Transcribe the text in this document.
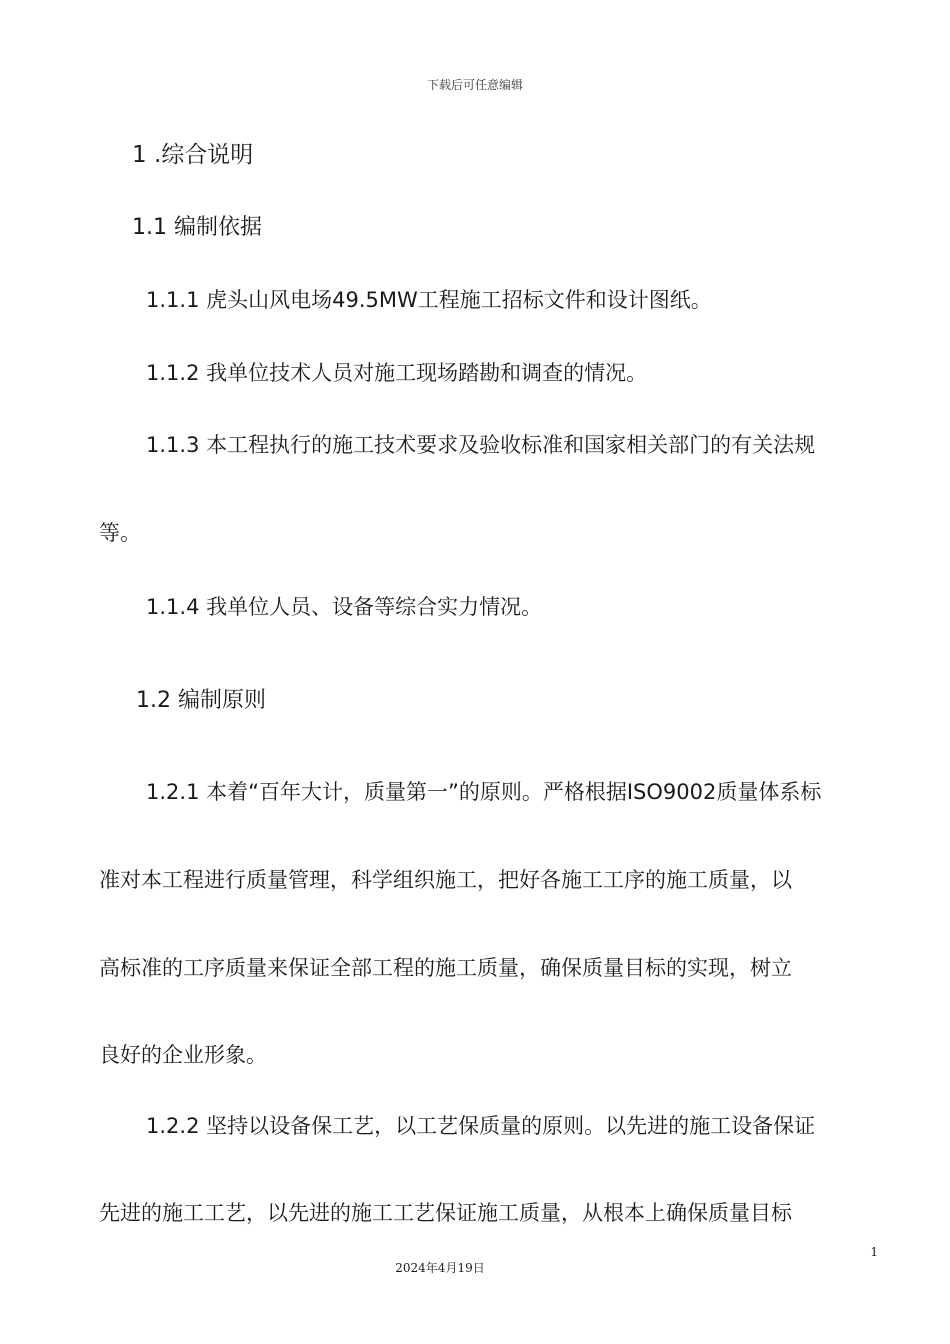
下载后可任意编辑
1 .综合说明
1.1 编制依据
1.1.1 虎头山风电场49.5MW工程施工招标文件和设计图纸。
1.1.2 我单位技术人员对施工现场踏勘和调查的情况。
1.1.3 本工程执行的施工技术要求及验收标准和国家相关部门的有关法规
等。
1.1.4 我单位人员、设备等综合实力情况。
1.2 编制原则
1.2.1 本着“百年大计，质量第一”的原则。严格根据ISO9002质量体系标
准对本工程进行质量管理，科学组织施工，把好各施工工序的施工质量，以
高标准的工序质量来保证全部工程的施工质量，确保质量目标的实现，树立
良好的企业形象。
1.2.2 坚持以设备保工艺，以工艺保质量的原则。以先进的施工设备保证
先进的施工工艺，以先进的施工工艺保证施工质量，从根本上确保质量目标
1
2024年4月19日
